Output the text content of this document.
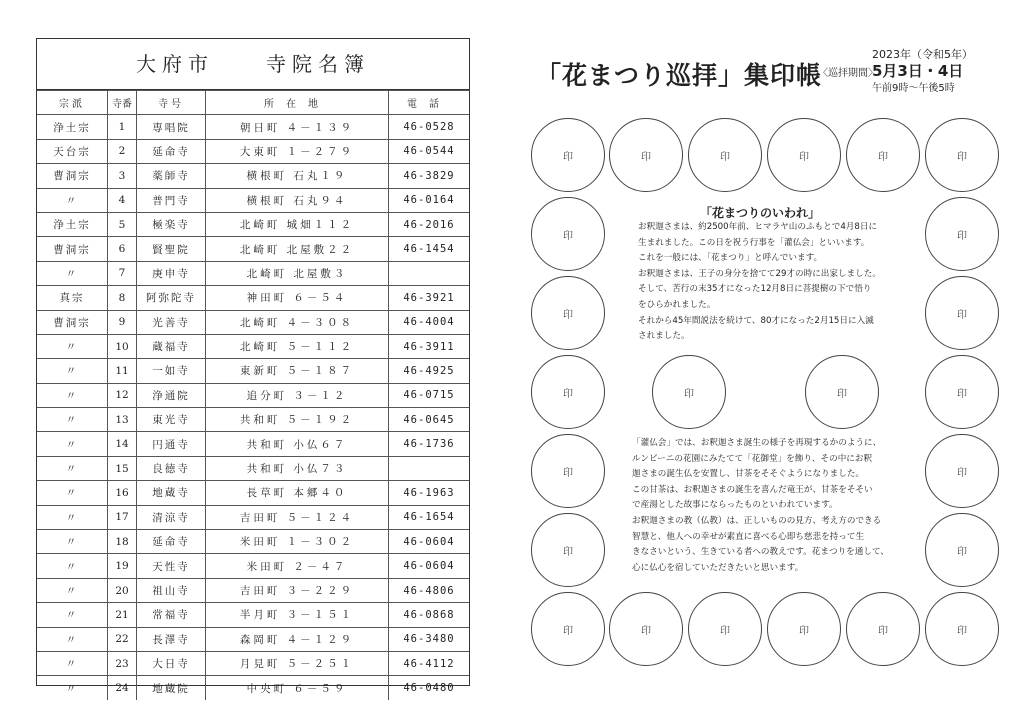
大府市　　寺院名簿
宗派	寺番	寺号	所在地	電話
浄土宗	1	専唱院	朝日町 ４－１３９	46-0528
天台宗	2	延命寺	大東町 １－２７９	46-0544
曹洞宗	3	薬師寺	横根町 石丸１９	46-3829
〃	4	普門寺	横根町 石丸９４	46-0164
浄土宗	5	極楽寺	北崎町 城畑１１２	46-2016
曹洞宗	6	賢聖院	北崎町 北屋敷２２	46-1454
〃	7	庚申寺	北崎町 北屋敷３	
真宗	8	阿弥陀寺	神田町 ６－５４	46-3921
曹洞宗	9	光善寺	北崎町 ４－３０８	46-4004
〃	10	蔵福寺	北崎町 ５－１１２	46-3911
〃	11	一如寺	東新町 ５－１８７	46-4925
〃	12	浄通院	追分町 ３－１２	46-0715
〃	13	東光寺	共和町 ５－１９２	46-0645
〃	14	円通寺	共和町 小仏６７	46-1736
〃	15	良徳寺	共和町 小仏７３	
〃	16	地蔵寺	長草町 本郷４０	46-1963
〃	17	清涼寺	吉田町 ５－１２４	46-1654
〃	18	延命寺	米田町 １－３０２	46-0604
〃	19	天性寺	米田町 ２－４７	46-0604
〃	20	祖山寺	吉田町 ３－２２９	46-4806
〃	21	常福寺	半月町 ３－１５１	46-0868
〃	22	長澤寺	森岡町 ４－１２９	46-3480
〃	23	大日寺	月見町 ５－２５１	46-4112
〃	24	地蔵院	中央町 ６－５９	46-0480
「花まつり巡拝」集印帳
〈巡拝期間〉
2023年（令和5年）
5月3日・4日
午前9時～午後5時
印	印	印	印	印	印
印	印
印	印
印	印	印	印
印	印
印	印
印	印	印	印	印	印
「花まつりのいわれ」

お釈迦さまは、約2500年前、ヒマラヤ山のふもとで4月8日に

生まれました。この日を祝う行事を「灌仏会」といいます。

これを一般には、「花まつり」と呼んでいます。

お釈迦さまは、王子の身分を捨てて29才の時に出家しました。

そして、苦行の末35才になった12月8日に菩提樹の下で悟り

をひらかれました。

それから45年間説法を続けて、80才になった2月15日に入滅

されました。

「灌仏会」では、お釈迦さま誕生の様子を再現するかのように、

ルンビーニの花園にみたてて「花御堂」を飾り、その中にお釈

迦さまの誕生仏を安置し、甘茶をそそぐようになりました。

この甘茶は、お釈迦さまの誕生を喜んだ竜王が、甘茶をそそい

で産湯とした故事にならったものといわれています。

お釈迦さまの教（仏教）は、正しいものの見方、考え方のできる

智慧と、他人への幸せが素直に喜べる心即ち慈悲を持って生

きなさいという、生きている者への教えです。花まつりを通して、

心に仏心を宿していただきたいと思います。
